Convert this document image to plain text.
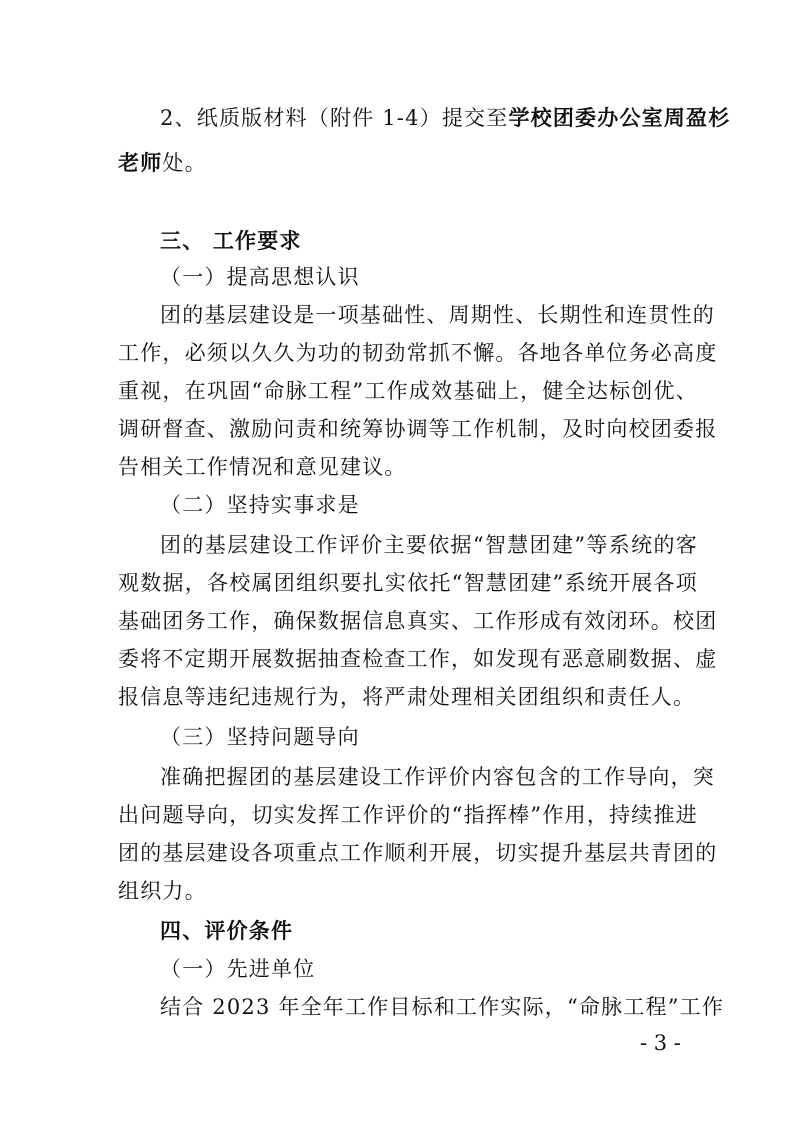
2、纸质版材料（附件 1-4）提交至学校团委办公室周盈杉
老师处。
三、 工作要求
（一）提高思想认识
团的基层建设是一项基础性、周期性、长期性和连贯性的
工作，必须以久久为功的韧劲常抓不懈。各地各单位务必高度
重视，在巩固“命脉工程”工作成效基础上，健全达标创优、
调研督查、激励问责和统筹协调等工作机制，及时向校团委报
告相关工作情况和意见建议。
（二）坚持实事求是
团的基层建设工作评价主要依据“智慧团建”等系统的客
观数据，各校属团组织要扎实依托“智慧团建”系统开展各项
基础团务工作，确保数据信息真实、工作形成有效闭环。校团
委将不定期开展数据抽查检查工作，如发现有恶意刷数据、虚
报信息等违纪违规行为，将严肃处理相关团组织和责任人。
（三）坚持问题导向
准确把握团的基层建设工作评价内容包含的工作导向，突
出问题导向，切实发挥工作评价的“指挥棒”作用，持续推进
团的基层建设各项重点工作顺利开展，切实提升基层共青团的
组织力。
四、评价条件
（一）先进单位
结合 2023 年全年工作目标和工作实际，“命脉工程”工作
- 3 -
